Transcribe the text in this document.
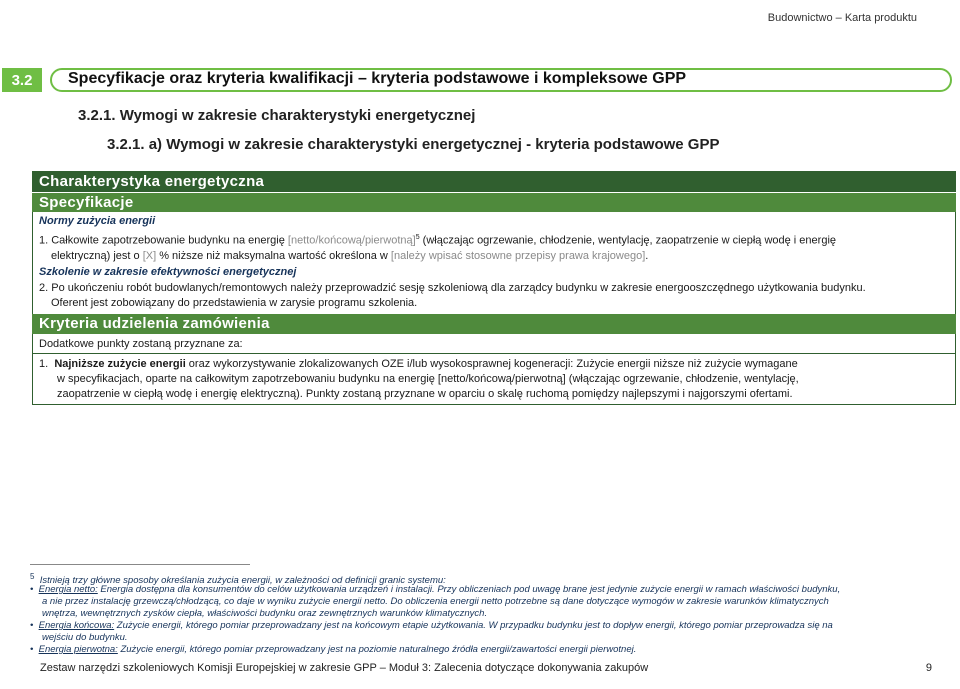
Budownictwo – Karta produktu
3.2	Specyfikacje oraz kryteria kwalifikacji – kryteria podstawowe i kompleksowe GPP
3.2.1. Wymogi w zakresie charakterystyki energetycznej
3.2.1. a) Wymogi w zakresie charakterystyki energetycznej - kryteria podstawowe GPP
Charakterystyka energetyczna
Specyfikacje
Normy zużycia energii
1. Całkowite zapotrzebowanie budynku na energię [netto/końcową/pierwotną]$^5$ (włączając ogrzewanie, chłodzenie, wentylację, zaopatrzenie w ciepłą wodę i energię
elektryczną) jest o [X] % niższe niż maksymalna wartość określona w [należy wpisać stosowne przepisy prawa krajowego].
Szkolenie w zakresie efektywności energetycznej
2. Po ukończeniu robót budowlanych/remontowych należy przeprowadzić sesję szkoleniową dla zarządcy budynku w zakresie energooszczędnego użytkowania budynku.
Oferent jest zobowiązany do przedstawienia w zarysie programu szkolenia.
Kryteria udzielenia zamówienia
Dodatkowe punkty zostaną przyznane za:
1. Najniższe zużycie energii oraz wykorzystywanie zlokalizowanych OZE i/lub wysokosprawnej kogeneracji: Zużycie energii niższe niż zużycie wymagane
w specyfikacjach, oparte na całkowitym zapotrzebowaniu budynku na energię [netto/końcową/pierwotną] (włączając ogrzewanie, chłodzenie, wentylację,
zaopatrzenie w ciepłą wodę i energię elektryczną). Punkty zostaną przyznane w oparciu o skalę ruchomą pomiędzy najlepszymi i najgorszymi ofertami.
$^5$ Istnieją trzy główne sposoby określania zużycia energii, w zależności od definicji granic systemu:
•  Energia netto: Energia dostępna dla konsumentów do celów użytkowania urządzeń i instalacji. Przy obliczeniach pod uwagę brane jest jedynie zużycie energii w ramach właściwości budynku,
a nie przez instalację grzewczą/chłodzącą, co daje w wyniku zużycie energii netto. Do obliczenia energii netto potrzebne są dane dotyczące wymogów w zakresie warunków klimatycznych
wnętrza, wewnętrznych zysków ciepła, właściwości budynku oraz zewnętrznych warunków klimatycznych.
•  Energia końcowa: Zużycie energii, którego pomiar przeprowadzany jest na końcowym etapie użytkowania. W przypadku budynku jest to dopływ energii, którego pomiar przeprowadza się na
wejściu do budynku.
•  Energia pierwotna: Zużycie energii, którego pomiar przeprowadzany jest na poziomie naturalnego źródła energii/zawartości energii pierwotnej.
Zestaw narzędzi szkoleniowych Komisji Europejskiej w zakresie GPP – Moduł 3: Zalecenia dotyczące dokonywania zakupów	9
